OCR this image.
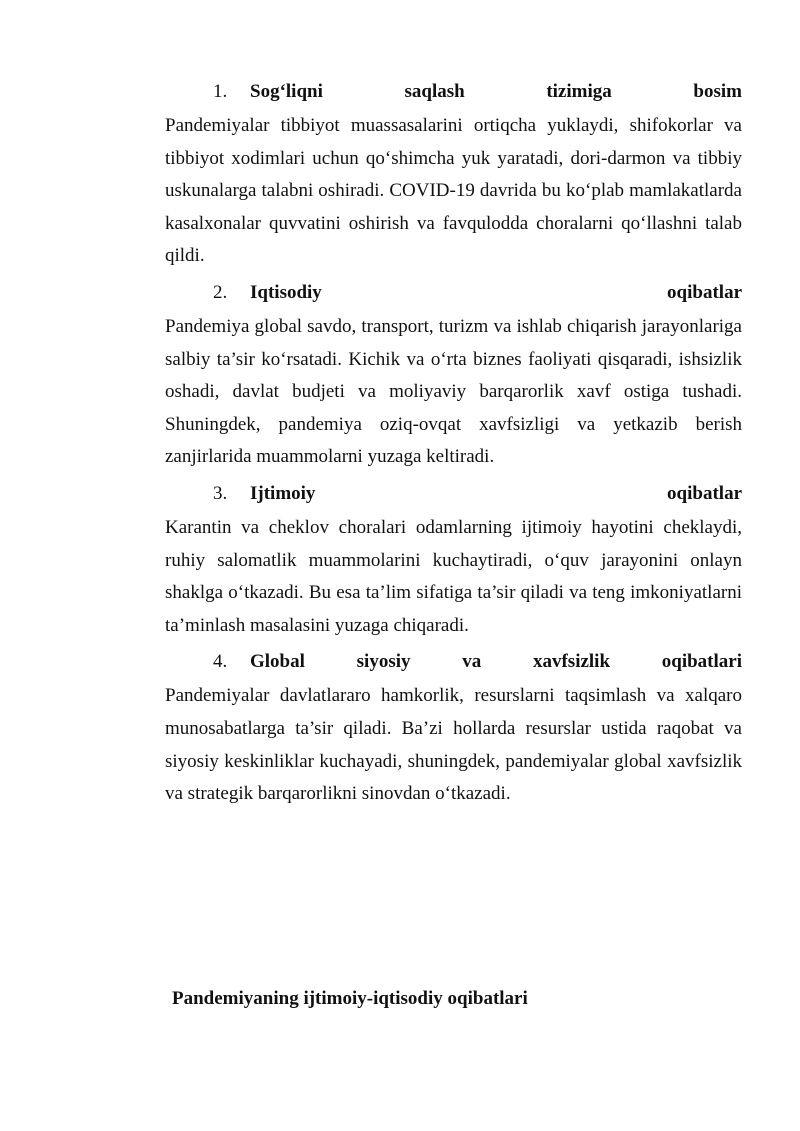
1.	Sog‘liqni	saqlash	tizimiga	bosim

Pandemiyalar tibbiyot muassasalarini ortiqcha yuklaydi, shifokorlar va tibbiyot xodimlari uchun qo‘shimcha yuk yaratadi, dori-darmon va tibbiy uskunalarga talabni oshiradi. COVID-19 davrida bu ko‘plab mamlakatlarda kasalxonalar quvvatini oshirish va favqulodda choralarni qo‘llashni talab qildi.

2.	Iqtisodiy	oqibatlar

Pandemiya global savdo, transport, turizm va ishlab chiqarish jarayonlariga salbiy ta’sir ko‘rsatadi. Kichik va o‘rta biznes faoliyati qisqaradi, ishsizlik oshadi, davlat budjeti va moliyaviy barqarorlik xavf ostiga tushadi. Shuningdek, pandemiya oziq-ovqat xavfsizligi va yetkazib berish zanjirlarida muammolarni yuzaga keltiradi.

3.	Ijtimoiy	oqibatlar

Karantin va cheklov choralari odamlarning ijtimoiy hayotini cheklaydi, ruhiy salomatlik muammolarini kuchaytiradi, o‘quv jarayonini onlayn shaklga o‘tkazadi. Bu esa ta’lim sifatiga ta’sir qiladi va teng imkoniyatlarni ta’minlash masalasini yuzaga chiqaradi.

4.	Global	siyosiy	va	xavfsizlik	oqibatlari

Pandemiyalar davlatlararo hamkorlik, resurslarni taqsimlash va xalqaro munosabatlarga ta’sir qiladi. Ba’zi hollarda resurslar ustida raqobat va siyosiy keskinliklar kuchayadi, shuningdek, pandemiyalar global xavfsizlik va strategik barqarorlikni sinovdan o‘tkazadi.

Pandemiyaning ijtimoiy-iqtisodiy oqibatlari
